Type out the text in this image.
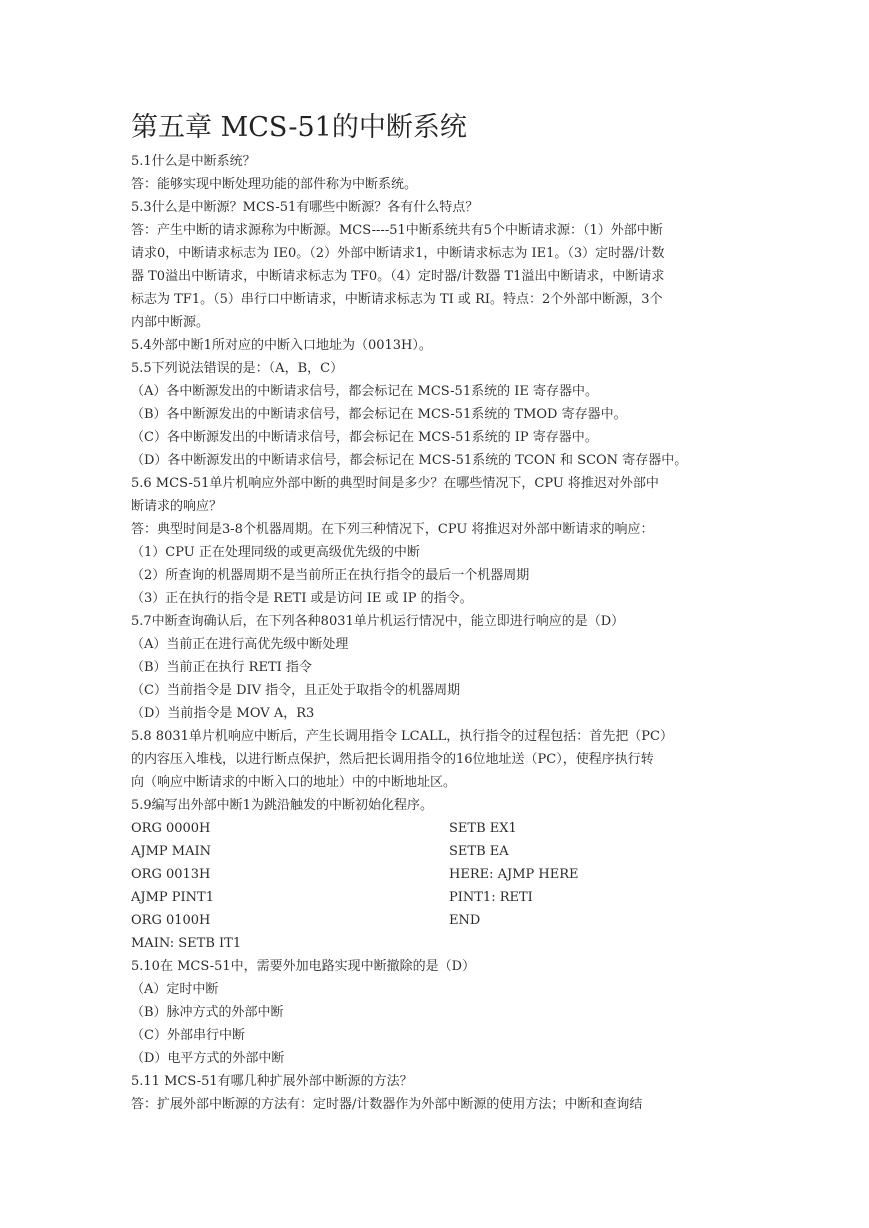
第五章 MCS-51的中断系统
5.1什么是中断系统？
答：能够实现中断处理功能的部件称为中断系统。
5.3什么是中断源？MCS-51有哪些中断源？各有什么特点？
答：产生中断的请求源称为中断源。MCS----51中断系统共有5个中断请求源：（1）外部中断
请求0，中断请求标志为 IE0。（2）外部中断请求1，中断请求标志为 IE1。（3）定时器/计数
器 T0溢出中断请求，中断请求标志为 TF0。（4）定时器/计数器 T1溢出中断请求，中断请求
标志为 TF1。（5）串行口中断请求，中断请求标志为 TI 或 RI。特点：2个外部中断源，3个
内部中断源。
5.4外部中断1所对应的中断入口地址为（0013H）。
5.5下列说法错误的是：（A，B，C）
（A）各中断源发出的中断请求信号，都会标记在 MCS-51系统的 IE 寄存器中。
（B）各中断源发出的中断请求信号，都会标记在 MCS-51系统的 TMOD 寄存器中。
（C）各中断源发出的中断请求信号，都会标记在 MCS-51系统的 IP 寄存器中。
（D）各中断源发出的中断请求信号，都会标记在 MCS-51系统的 TCON 和 SCON 寄存器中。
5.6 MCS-51单片机响应外部中断的典型时间是多少？在哪些情况下，CPU 将推迟对外部中
断请求的响应？
答：典型时间是3-8个机器周期。在下列三种情况下，CPU 将推迟对外部中断请求的响应：
（1）CPU 正在处理同级的或更高级优先级的中断
（2）所查询的机器周期不是当前所正在执行指令的最后一个机器周期
（3）正在执行的指令是 RETI 或是访问 IE 或 IP 的指令。
5.7中断查询确认后，在下列各种8031单片机运行情况中，能立即进行响应的是（D）
（A）当前正在进行高优先级中断处理
（B）当前正在执行 RETI 指令
（C）当前指令是 DIV 指令，且正处于取指令的机器周期
（D）当前指令是 MOV A，R3
5.8 8031单片机响应中断后，产生长调用指令 LCALL，执行指令的过程包括：首先把（PC）
的内容压入堆栈，以进行断点保护，然后把长调用指令的16位地址送（PC），使程序执行转
向（响应中断请求的中断入口的地址）中的中断地址区。
5.9编写出外部中断1为跳沿触发的中断初始化程序。
ORG 0000H
AJMP MAIN
ORG 0013H
AJMP PINT1
ORG 0100H
SETB EX1
SETB EA
HERE: AJMP HERE
PINT1: RETI
END
MAIN: SETB IT1
5.10在 MCS-51中，需要外加电路实现中断撤除的是（D）
（A）定时中断
（B）脉冲方式的外部中断
（C）外部串行中断
（D）电平方式的外部中断
5.11 MCS-51有哪几种扩展外部中断源的方法？
答：扩展外部中断源的方法有：定时器/计数器作为外部中断源的使用方法；中断和查询结
